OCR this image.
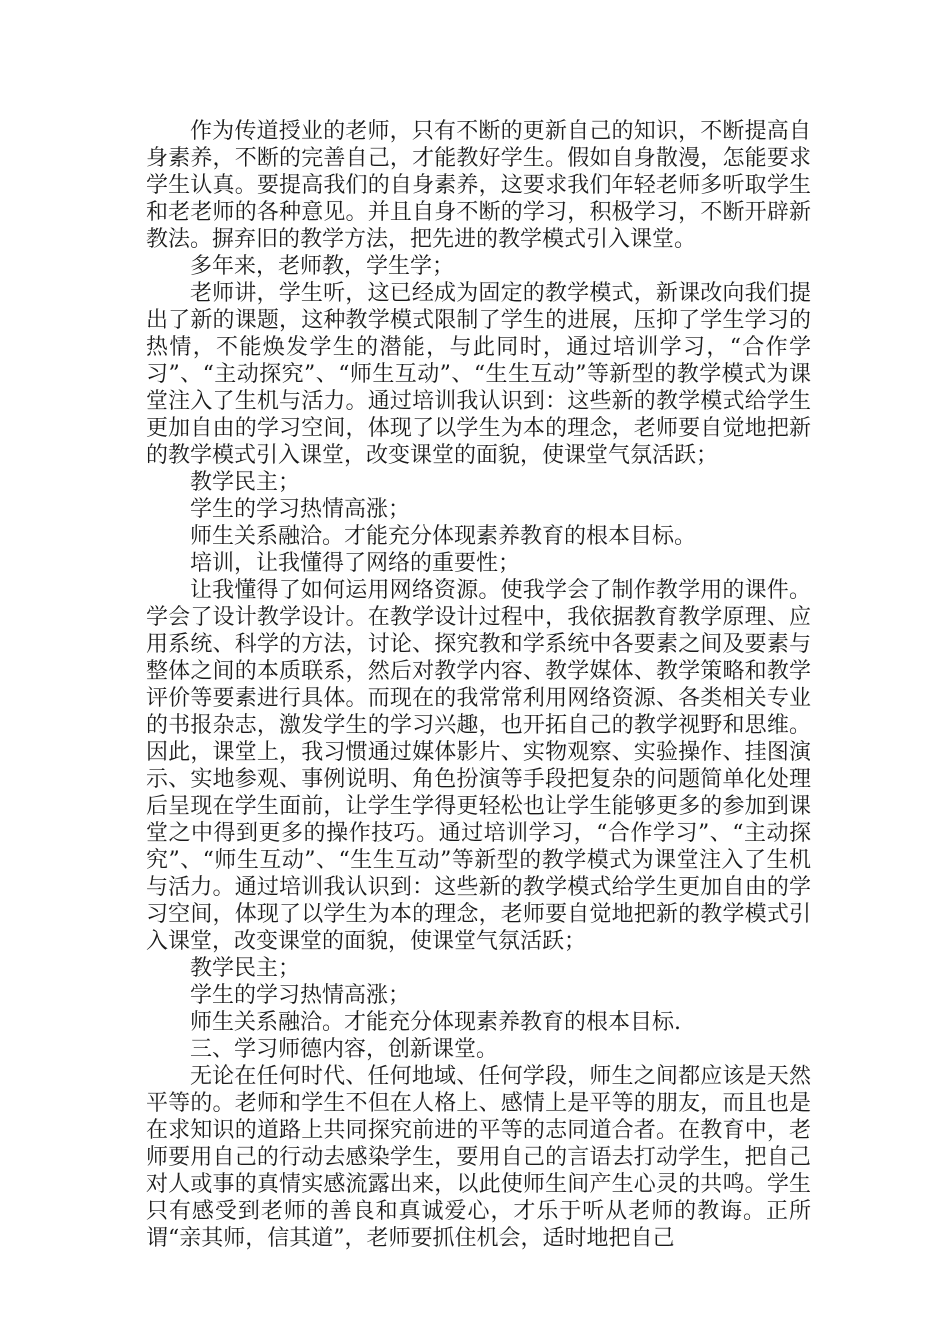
作为传道授业的老师，只有不断的更新自己的知识，不断提高自身素养，不断的完善自己，才能教好学生。假如自身散漫，怎能要求学生认真。要提高我们的自身素养，这要求我们年轻老师多听取学生和老老师的各种意见。并且自身不断的学习，积极学习，不断开辟新教法。摒弃旧的教学方法，把先进的教学模式引入课堂。

多年来，老师教，学生学；

老师讲，学生听，这已经成为固定的教学模式，新课改向我们提出了新的课题，这种教学模式限制了学生的进展，压抑了学生学习的热情，不能焕发学生的潜能，与此同时，通过培训学习，“合作学习”、“主动探究”、“师生互动”、“生生互动”等新型的教学模式为课堂注入了生机与活力。通过培训我认识到：这些新的教学模式给学生更加自由的学习空间，体现了以学生为本的理念，老师要自觉地把新的教学模式引入课堂，改变课堂的面貌，使课堂气氛活跃；

教学民主；

学生的学习热情高涨；

师生关系融洽。才能充分体现素养教育的根本目标。

培训，让我懂得了网络的重要性；

让我懂得了如何运用网络资源。使我学会了制作教学用的课件。学会了设计教学设计。在教学设计过程中，我依据教育教学原理、应用系统、科学的方法，讨论、探究教和学系统中各要素之间及要素与整体之间的本质联系，然后对教学内容、教学媒体、教学策略和教学评价等要素进行具体。而现在的我常常利用网络资源、各类相关专业的书报杂志，激发学生的学习兴趣，也开拓自己的教学视野和思维。因此，课堂上，我习惯通过媒体影片、实物观察、实验操作、挂图演示、实地参观、事例说明、角色扮演等手段把复杂的问题简单化处理后呈现在学生面前，让学生学得更轻松也让学生能够更多的参加到课堂之中得到更多的操作技巧。通过培训学习，“合作学习”、“主动探究”、“师生互动”、“生生互动”等新型的教学模式为课堂注入了生机与活力。通过培训我认识到：这些新的教学模式给学生更加自由的学习空间，体现了以学生为本的理念，老师要自觉地把新的教学模式引入课堂，改变课堂的面貌，使课堂气氛活跃；

教学民主；

学生的学习热情高涨；

师生关系融洽。才能充分体现素养教育的根本目标.

三、学习师德内容，创新课堂。

无论在任何时代、任何地域、任何学段，师生之间都应该是天然平等的。老师和学生不但在人格上、感情上是平等的朋友，而且也是在求知识的道路上共同探究前进的平等的志同道合者。在教育中，老师要用自己的行动去感染学生，要用自己的言语去打动学生，把自己对人或事的真情实感流露出来，以此使师生间产生心灵的共鸣。学生只有感受到老师的善良和真诚爱心，才乐于听从老师的教诲。正所谓“亲其师，信其道”，老师要抓住机会，适时地把自己
